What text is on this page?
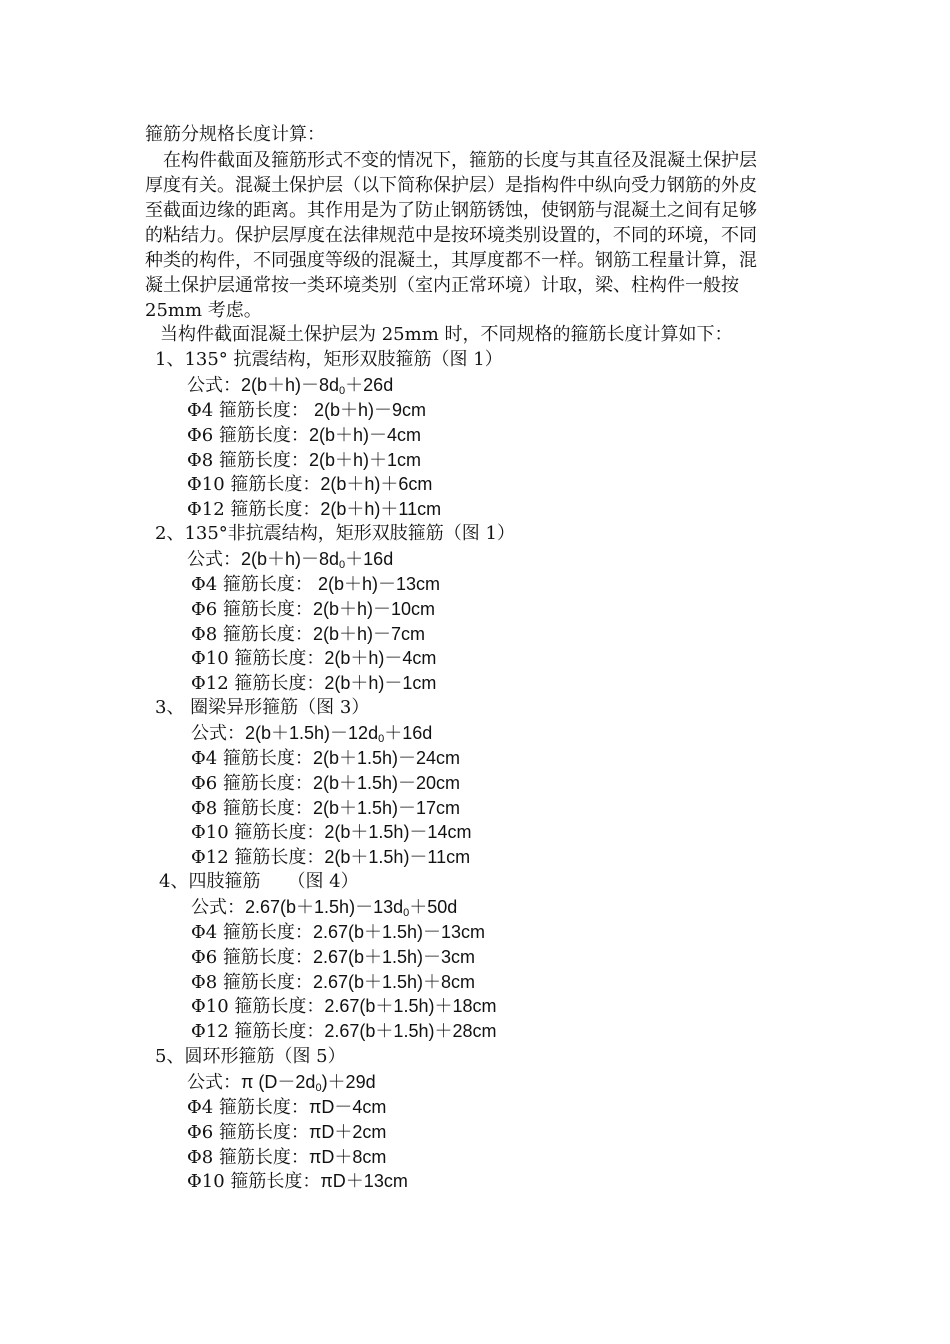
箍筋分规格长度计算：
在构件截面及箍筋形式不变的情况下，箍筋的长度与其直径及混凝土保护层
厚度有关。混凝土保护层（以下简称保护层）是指构件中纵向受力钢筋的外皮
至截面边缘的距离。其作用是为了防止钢筋锈蚀，使钢筋与混凝土之间有足够
的粘结力。保护层厚度在法律规范中是按环境类别设置的，不同的环境，不同
种类的构件，不同强度等级的混凝土，其厚度都不一样。钢筋工程量计算，混
凝土保护层通常按一类环境类别（室内正常环境）计取，梁、柱构件一般按
25mm 考虑。
当构件截面混凝土保护层为 25mm 时，不同规格的箍筋长度计算如下：
1、135° 抗震结构，矩形双肢箍筋（图 1）
公式：$2(b+h)-8d_0+26d$
Φ4 箍筋长度： 2(b＋h)－9cm
Φ6 箍筋长度：2(b＋h)－4cm
Φ8 箍筋长度：2(b＋h)＋1cm
Φ10 箍筋长度：2(b＋h)＋6cm
Φ12 箍筋长度：2(b＋h)＋11cm
2、135°非抗震结构，矩形双肢箍筋（图 1）
公式：$2(b+h)-8d_0+16d$
Φ4 箍筋长度： 2(b＋h)－13cm
Φ6 箍筋长度：2(b＋h)－10cm
Φ8 箍筋长度：2(b＋h)－7cm
Φ10 箍筋长度：2(b＋h)－4cm
Φ12 箍筋长度：2(b＋h)－1cm
3、 圈梁异形箍筋（图 3）
公式：$2(b+1.5h)-12d_0+16d$
Φ4 箍筋长度：2(b＋1.5h)－24cm
Φ6 箍筋长度：2(b＋1.5h)－20cm
Φ8 箍筋长度：2(b＋1.5h)－17cm
Φ10 箍筋长度：2(b＋1.5h)－14cm
Φ12 箍筋长度：2(b＋1.5h)－11cm
4、四肢箍筋　　（图 4）
公式：$2.67(b+1.5h)-13d_0+50d$
Φ4 箍筋长度：2.67(b＋1.5h)－13cm
Φ6 箍筋长度：2.67(b＋1.5h)－3cm
Φ8 箍筋长度：2.67(b＋1.5h)＋8cm
Φ10 箍筋长度：2.67(b＋1.5h)＋18cm
Φ12 箍筋长度：2.67(b＋1.5h)＋28cm
5、圆环形箍筋（图 5）
公式：π $(D-2d_0)+29d$
Φ4 箍筋长度：πD－4cm
Φ6 箍筋长度：πD＋2cm
Φ8 箍筋长度：πD＋8cm
Φ10 箍筋长度：πD＋13cm
